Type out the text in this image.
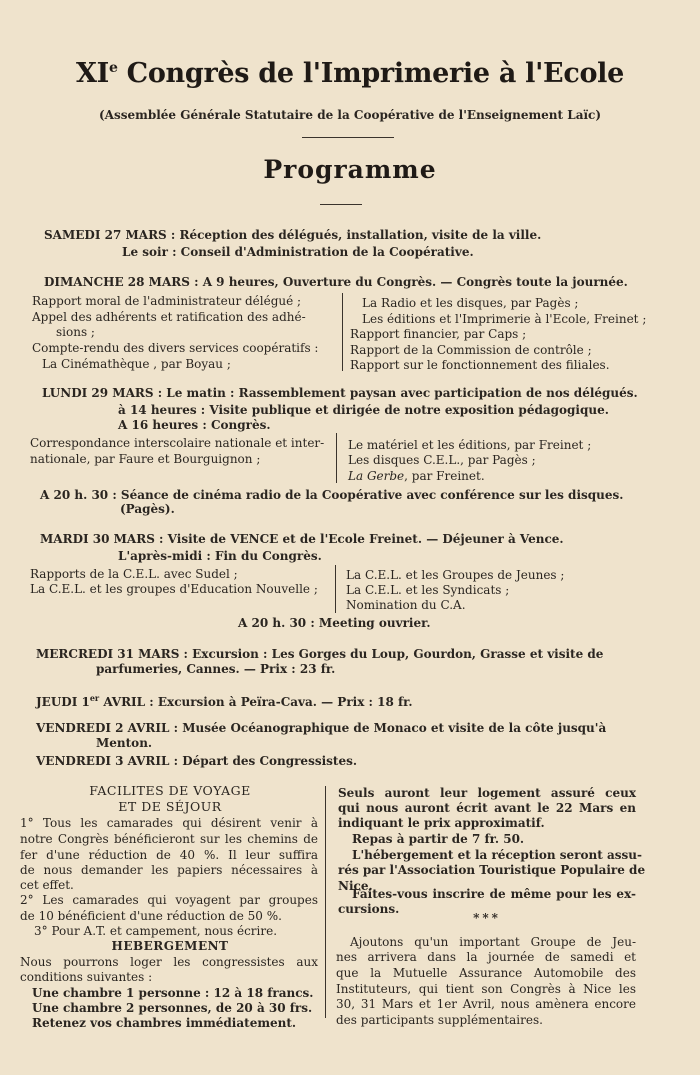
XIe Congrès de l'Imprimerie à l'Ecole
(Assemblée Générale Statutaire de la Coopérative de l'Enseignement Laïc)
Programme
SAMEDI 27 MARS : Réception des délégués, installation, visite de la ville.
Le soir : Conseil d'Administration de la Coopérative.
DIMANCHE 28 MARS : A 9 heures, Ouverture du Congrès. — Congrès toute la journée.
Rapport moral de l'administrateur délégué ;
Appel des adhérents et ratification des adhé-
sions ;
Compte-rendu des divers services coopératifs :
La Cinémathèque , par Boyau ;
La Radio et les disques, par Pagès ;
Les éditions et l'Imprimerie à l'Ecole, Freinet ;
Rapport financier, par Caps ;
Rapport de la Commission de contrôle ;
Rapport sur le fonctionnement des filiales.
LUNDI 29 MARS : Le matin : Rassemblement paysan avec participation de nos délégués.
à 14 heures : Visite publique et dirigée de notre exposition pédagogique.
A 16 heures : Congrès.
Correspondance interscolaire nationale et inter-
nationale, par Faure et Bourguignon ;
Le matériel et les éditions, par Freinet ;
Les disques C.E.L., par Pagès ;
La Gerbe, par Freinet.
A 20 h. 30 : Séance de cinéma radio de la Coopérative avec conférence sur les disques.
(Pagès).
MARDI 30 MARS : Visite de VENCE et de l'Ecole Freinet. — Déjeuner à Vence.
L'après-midi : Fin du Congrès.
Rapports de la C.E.L. avec Sudel ;
La C.E.L. et les groupes d'Education Nouvelle ;
La C.E.L. et les Groupes de Jeunes ;
La C.E.L. et les Syndicats ;
Nomination du C.A.
A 20 h. 30 : Meeting ouvrier.
MERCREDI 31 MARS : Excursion : Les Gorges du Loup, Gourdon, Grasse et visite de
parfumeries, Cannes. — Prix : 23 fr.
JEUDI 1er AVRIL : Excursion à Peïra-Cava. — Prix : 18 fr.
VENDREDI 2 AVRIL : Musée Océanographique de Monaco et visite de la côte jusqu'à
Menton.
VENDREDI 3 AVRIL : Départ des Congressistes.
FACILITES DE VOYAGE
ET DE SÉJOUR
1° Tous les camarades qui désirent venir à
notre Congrès bénéficieront sur les chemins de
fer d'une réduction de 40 %. Il leur suffira
de nous demander les papiers nécessaires à
cet effet.
2° Les camarades qui voyagent par groupes
de 10 bénéficient d'une réduction de 50 %.
3° Pour A.T. et campement, nous écrire.
HEBERGEMENT
Nous pourrons loger les congressistes aux
conditions suivantes :
Une chambre 1 personne : 12 à 18 francs.
Une chambre 2 personnes, de 20 à 30 frs.
Retenez vos chambres immédiatement.
Seuls auront leur logement assuré ceux
qui nous auront écrit avant le 22 Mars en
indiquant le prix approximatif.
Repas à partir de 7 fr. 50.
L'hébergement et la réception seront assu-
rés par l'Association Touristique Populaire de
Nice.
Faites-vous inscrire de même pour les ex-
cursions.
***
Ajoutons qu'un important Groupe de Jeu-
nes arrivera dans la journée de samedi et
que la Mutuelle Assurance Automobile des
Instituteurs, qui tient son Congrès à Nice les
30, 31 Mars et 1er Avril, nous amènera encore
des participants supplémentaires.
